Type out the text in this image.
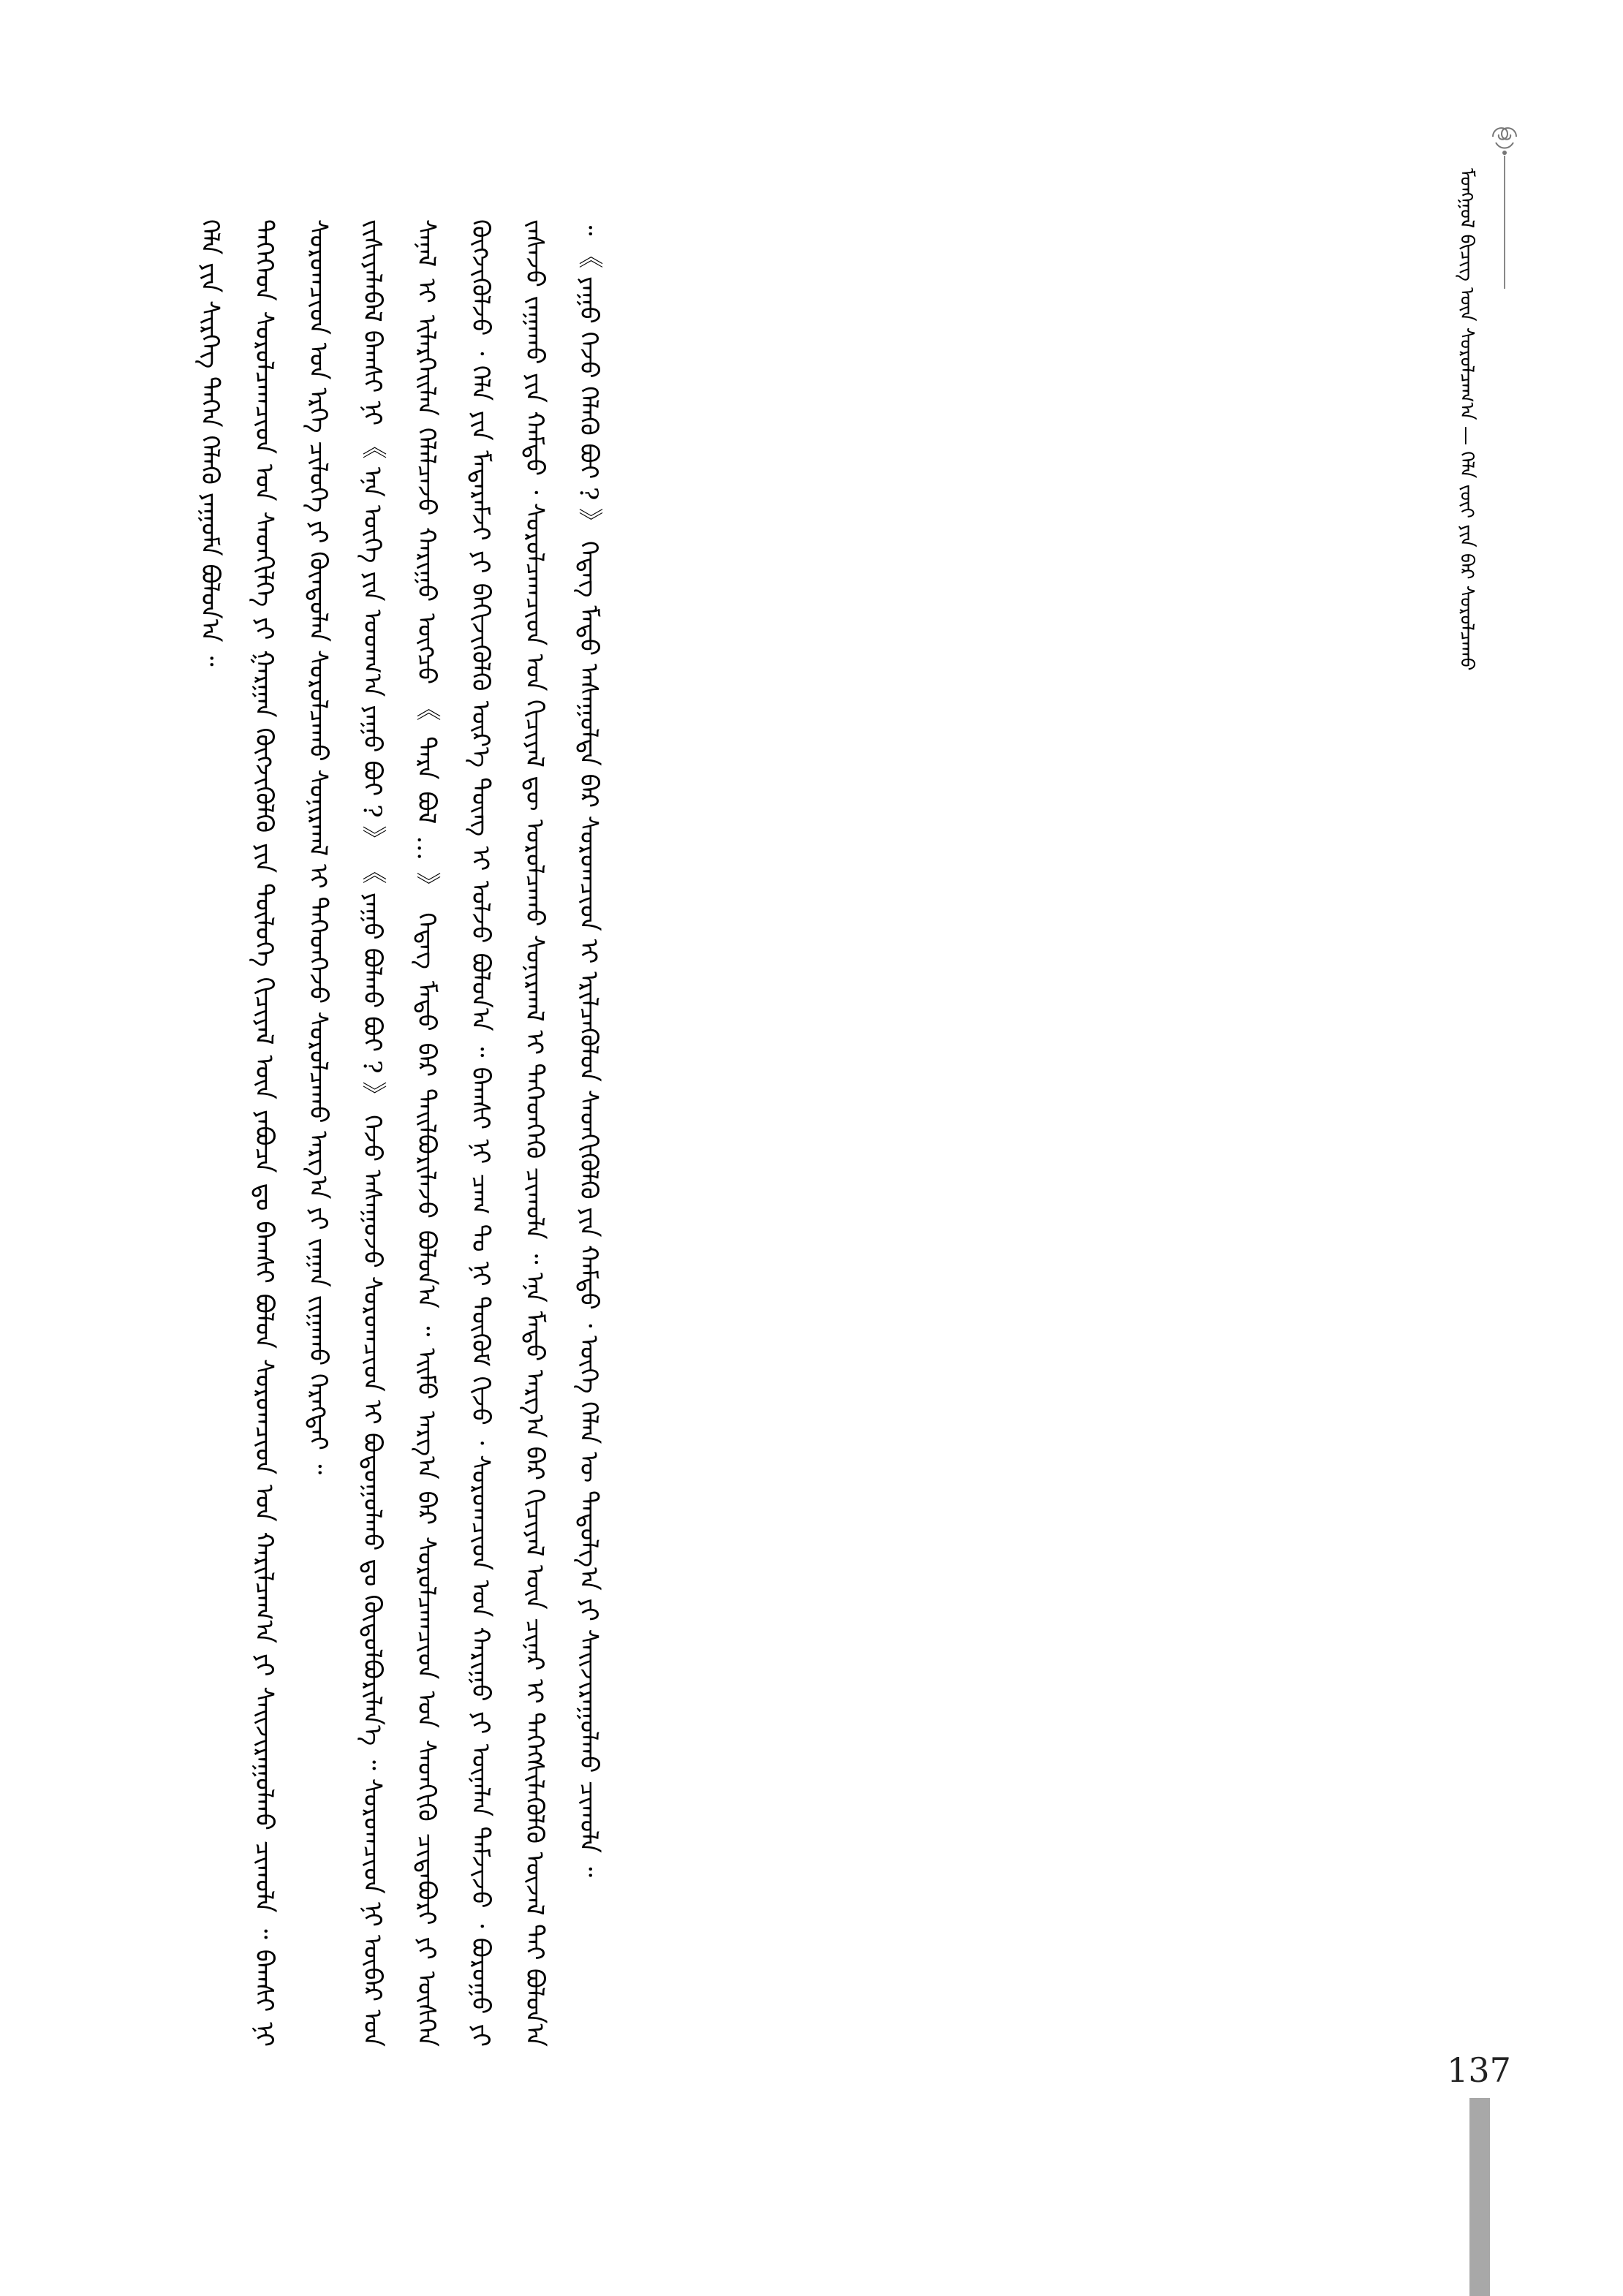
ᠮᠣᠩᠭᠣᠯ ᠪᠢᠴᠢᠭ ᠦᠨ ᠰᠤᠷᠤᠯᠴᠠᠭ᠎ᠠ — ᠬᠡᠯᠡ ᠵᠦᠢ ᠶᠢᠨ ᠪᠠᠷ ᠰᠤᠷᠤᠯᠴᠠᠬᠤ

ᠬᠡᠯᠡ ᠶᠢᠨ ᠰᠢᠷᠬᠡᠭ ᠲᠡᠭᠡᠨ ᠬᠡᠯᠡᠬᠦ ᠶᠠᠭᠤᠮᠠ ᠪᠣᠯᠤᠨ᠎ᠠ ᠃	ᠲᠡᠭᠡᠭᠡᠳ ᠰᠤᠷᠤᠯᠴᠠᠭᠴᠢᠳ ᠤᠨ ᠰᠡᠳᠬᠢᠯᠭᠡ ᠶᠢ ᠭᠠᠷᠭᠠᠨ ᠬᠥᠭᠵᠢᠭᠦᠯᠬᠦ ᠶᠢᠨ ᠲᠥᠯᠦᠭᠡ ᠬᠢᠴᠢᠶᠡᠯ ᠦᠨ ᠶᠠᠪᠤᠴᠠ ᠳᠤ ᠪᠠᠭᠰᠢ ᠪᠣᠯᠤᠨ ᠰᠤᠷᠤᠭᠴᠢᠳ ᠤᠨ ᠬᠠᠷᠢᠯᠴᠠᠭ᠎ᠠ ᠶᠢ ᠰᠠᠢᠵᠢᠷᠠᠭᠤᠯᠬᠤ ᠴᠢᠬᠤᠯᠠ ᠃ ᠪᠠᠭᠰᠢ ᠨᠢ ᠰᠤᠷᠤᠭᠴᠢᠳ ᠤᠨ ᠡᠷᠬᠡ ᠴᠢᠯᠦᠭᠡ ᠶᠢ ᠬᠦᠨᠳᠦᠯᠡᠨ ᠰᠤᠷᠤᠯᠴᠠᠬᠤ ᠰᠣᠨᠢᠷᠬᠠᠯ ᠢ ᠳᠡᠭᠡᠳᠬᠡᠵᠦ ᠰᠤᠷᠤᠯᠴᠠᠬᠤ ᠠᠷᠭ᠎ᠠ ᠶᠢ ᠵᠠᠭᠠᠨ ᠵᠢᠭᠠᠬᠤ ᠬᠡᠷᠡᠭᠲᠡᠢ ᠃	ᠵᠢᠱᠢᠶᠡᠯᠡᠪᠡᠯ ᠪᠠᠭᠰᠢ ᠨᠢ 《 ᠡᠨᠡ ᠦᠭᠡ ᠶᠢᠨ ᠤᠳᠬ᠎ᠠ ᠶᠠᠭᠤ ᠪᠤᠢ ? 》 《 ᠶᠠᠭᠤ ᠪᠣᠯᠬᠤ ᠪᠣᠢ ? 》 ᠭᠡᠵᠦ ᠠᠰᠠᠭᠤᠵᠤ ᠰᠤᠷᠤᠭᠴᠢᠳ ᠢ ᠪᠣᠳᠤᠭᠤᠯᠬᠤ ᠳᠤ ᠬᠥᠲᠦᠯᠪᠦᠷᠢᠯᠡᠨ᠎ᠡ ᠃ ᠰᠤᠷᠤᠭᠴᠢᠳ ᠨᠢ ᠥᠪᠡᠷ ᠤᠨ ᠰᠠᠨᠠᠯ ᠢ ᠢᠯᠡᠷᠬᠡᠢᠯᠡᠨ ᠬᠡᠯᠡᠯᠴᠡᠵᠦ ᠬᠠᠷᠢᠭᠤ ᠥᠭᠴᠦ 《 ᠲᠡᠷᠡ ᠪᠣᠯ … 》 ᠭᠡᠳᠡᠭ ᠮᠡᠲᠦ ᠪᠡᠷ ᠲᠠᠢᠯᠪᠤᠷᠢᠯᠠᠵᠤ ᠪᠣᠯᠤᠨ᠎ᠠ ᠃ ᠡᠢᠮᠦ ᠠᠷᠭ᠎ᠠ ᠪᠠᠷ ᠰᠤᠷᠤᠯᠴᠠᠭᠴᠢᠳ ᠤᠨ ᠰᠡᠳᠬᠢᠬᠦ ᠴᠢᠳᠠᠪᠤᠷᠢ ᠶᠢ ᠥᠰᠬᠡᠨ ᠬᠥᠭᠵᠢᠭᠦᠯᠵᠦ ᠂ ᠬᠡᠯᠡ ᠶᠢᠨ ᠮᠡᠳᠡᠷᠡᠮᠵᠢ ᠶᠢ ᠪᠡᠬᠢᠵᠢᠭᠦᠯᠬᠦ ᠦᠷ᠎ᠡ ᠳᠦᠩ ᠢ ᠣᠯᠵᠤ ᠪᠣᠯᠤᠨ᠎ᠠ ᠃ ᠪᠠᠭᠰᠢ ᠨᠢ ᠴᠠᠭ ᠲᠤ ᠨᠢ ᠳᠦᠭᠦᠮ ᠬᠢᠵᠦ ᠂ ᠰᠤᠷᠤᠭᠴᠢᠳ ᠤᠨ ᠬᠠᠷᠢᠭᠤ ᠶᠢ ᠦᠨᠡᠯᠡᠨ ᠳᠡᠮᠵᠢᠵᠦ ᠂ ᠪᠤᠷᠤᠭᠤ ᠶᠢ ᠵᠠᠰᠠᠵᠤ ᠵᠠᠭᠠᠬᠤ ᠶᠢᠨ ᠬᠠᠮᠲᠤ ᠂ ᠰᠤᠷᠤᠯᠴᠠᠭᠴᠢᠳ ᠤᠨ ᠬᠢᠴᠢᠶᠡᠯ ᠳᠦ ᠣᠷᠣᠯᠴᠠᠬᠤ ᠰᠣᠨᠢᠷᠬᠠᠯ ᠢ ᠳᠡᠭᠡᠳᠬᠡᠬᠦ ᠴᠢᠬᠤᠯᠠ ᠃ ᠡᠨᠡ ᠮᠡᠲᠦ ᠠᠷᠭ᠎ᠠ ᠪᠠᠷ ᠬᠢᠴᠢᠶᠡᠯ ᠦᠨ ᠴᠢᠨᠠᠷ ᠢ ᠳᠡᠭᠡᠭᠰᠢᠯᠡᠭᠦᠯᠬᠦ ᠦᠵᠡᠯ ᠲᠡᠢ ᠪᠣᠯᠤᠨ᠎ᠠ ᠃ 《 ᠶᠠᠭᠤ ᠭᠡᠵᠦ ᠬᠡᠯᠡᠬᠦ ᠪᠣᠢ ? 》 ᠭᠡᠳᠡᠭ ᠮᠡᠲᠦ ᠠᠰᠠᠭᠤᠯᠲᠠ ᠪᠠᠷ ᠰᠤᠷᠤᠭᠴᠢᠳ ᠢ ᠡᠷᠢᠯᠴᠡᠭᠦᠯᠦᠨ ᠰᠡᠳᠬᠢᠭᠦᠯᠬᠦ ᠶᠢᠨ ᠬᠠᠮᠲᠤ ᠂ ᠦᠭᠡ ᠬᠡᠯᠡᠨ ᠦ ᠳᠠᠳᠤᠯᠭ᠎ᠠ ᠶᠢ ᠰᠠᠢᠵᠢᠷᠠᠭᠤᠯᠬᠤ ᠴᠢᠬᠤᠯᠠ ᠃

137
